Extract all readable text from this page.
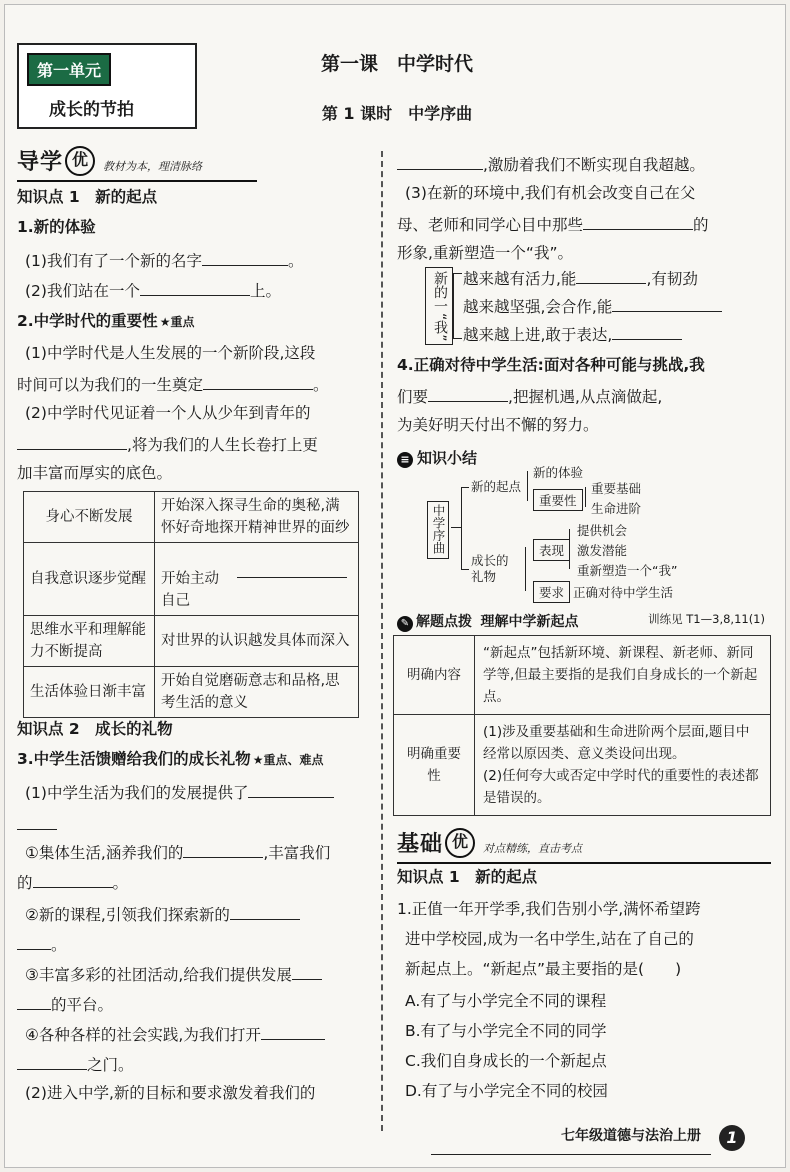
第一单元
成长的节拍
第一课　中学时代
第 1 课时　中学序曲
导学 优	教材为本，理清脉络
知识点 1　新的起点
1.新的体验
(1)我们有了一个新的名字	。
(2)我们站在一个	上。
2.中学时代的重要性 ★重点
(1)中学时代是人生发展的一个新阶段,这段
时间可以为我们的一生奠定	。
(2)中学时代见证着一个人从少年到青年的
,将为我们的人生长卷打上更
加丰富而厚实的底色。
身心不断发展	开始深入探寻生命的奥秘,满怀好奇地探开精神世界的面纱
自我意识逐步觉醒	开始主动
自己

思维水平和理解能力不断提高	对世界的认识越发具体而深入
生活体验日渐丰富	开始自觉磨砺意志和品格,思考生活的意义
知识点 2　成长的礼物
3.中学生活馈赠给我们的成长礼物 ★重点、难点
(1)中学生活为我们的发展提供了
①集体生活,涵养我们的	,丰富我们
的	。
②新的课程,引领我们探索新的
。
③丰富多彩的社团活动,给我们提供发展
的平台。
④各种各样的社会实践,为我们打开
之门。
(2)进入中学,新的目标和要求激发着我们的
,激励着我们不断实现自我超越。
(3)在新的环境中,我们有机会改变自己在父
母、老师和同学心目中那些	的
形象,重新塑造一个“我”。
新的一“我” 越来越有活力,能	,有韧劲
越来越坚强,会合作,能
越来越上进,敢于表达,
4.正确对待中学生活:面对各种可能与挑战,我
们要	,把握机遇,从点滴做起,
为美好明天付出不懈的努力。
≡ 知识小结
中学序曲
新的起点
成长的礼物
新的体验
重要性
重要基础
生命进阶
表现
提供机会
激发潜能
重新塑造一个“我”
要求 正确对待中学生活
✎ 解题点拨 理解中学新起点	训练见 T1—3,8,11(1)
明确内容	“新起点”包括新环境、新课程、新老师、新同学等,但最主要指的是我们自身成长的一个新起点。
明确重要性	(1)涉及重要基础和生命进阶两个层面,题目中经常以原因类、意义类设问出现。
(2)任何夸大或否定中学时代的重要性的表述都是错误的。
基础 优	对点精练，直击考点
知识点 1　新的起点
1.正值一年开学季,我们告别小学,满怀希望跨
进中学校园,成为一名中学生,站在了自己的
新起点上。“新起点”最主要指的是(　　)
A.有了与小学完全不同的课程
B.有了与小学完全不同的同学
C.我们自身成长的一个新起点
D.有了与小学完全不同的校园
七年级道德与法治上册	1
